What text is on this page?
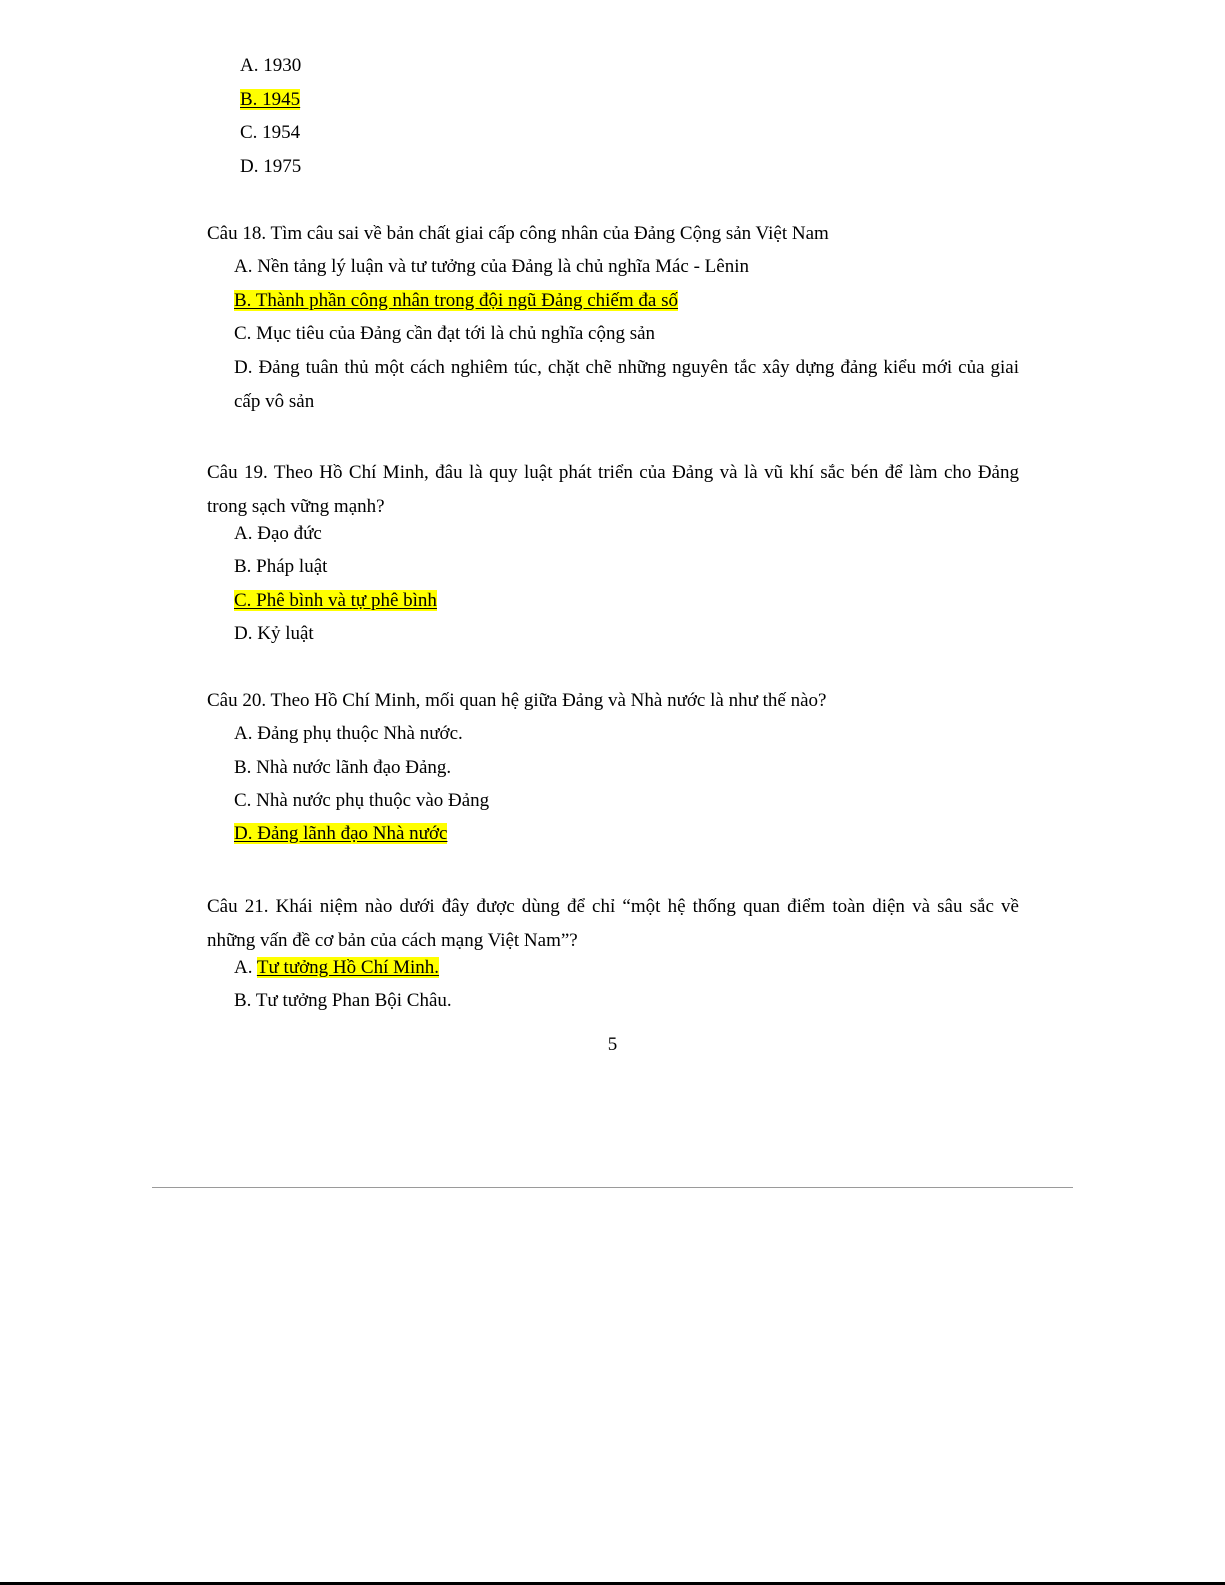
A. 1930
B. 1945
C. 1954
D. 1975
Câu 18. Tìm câu sai về bản chất giai cấp công nhân của Đảng Cộng sản Việt Nam
A. Nền tảng lý luận và tư tưởng của Đảng là chủ nghĩa Mác - Lênin
B. Thành phần công nhân trong đội ngũ Đảng chiếm đa số
C. Mục tiêu của Đảng cần đạt tới là chủ nghĩa cộng sản
D. Đảng tuân thủ một cách nghiêm túc, chặt chẽ những nguyên tắc xây dựng đảng kiểu mới của giai cấp vô sản
Câu 19. Theo Hồ Chí Minh, đâu là quy luật phát triển của Đảng và là vũ khí sắc bén để làm cho Đảng trong sạch vững mạnh?
A. Đạo đức
B. Pháp luật
C. Phê bình và tự phê bình
D. Kỷ luật
Câu 20. Theo Hồ Chí Minh, mối quan hệ giữa Đảng và Nhà nước là như thế nào?
A. Đảng phụ thuộc Nhà nước.
B. Nhà nước lãnh đạo Đảng.
C. Nhà nước phụ thuộc vào Đảng
D. Đảng lãnh đạo Nhà nước
Câu 21. Khái niệm nào dưới đây được dùng để chỉ “một hệ thống quan điểm toàn diện và sâu sắc về những vấn đề cơ bản của cách mạng Việt Nam”?
A. Tư tưởng Hồ Chí Minh.
B. Tư tưởng Phan Bội Châu.
5
